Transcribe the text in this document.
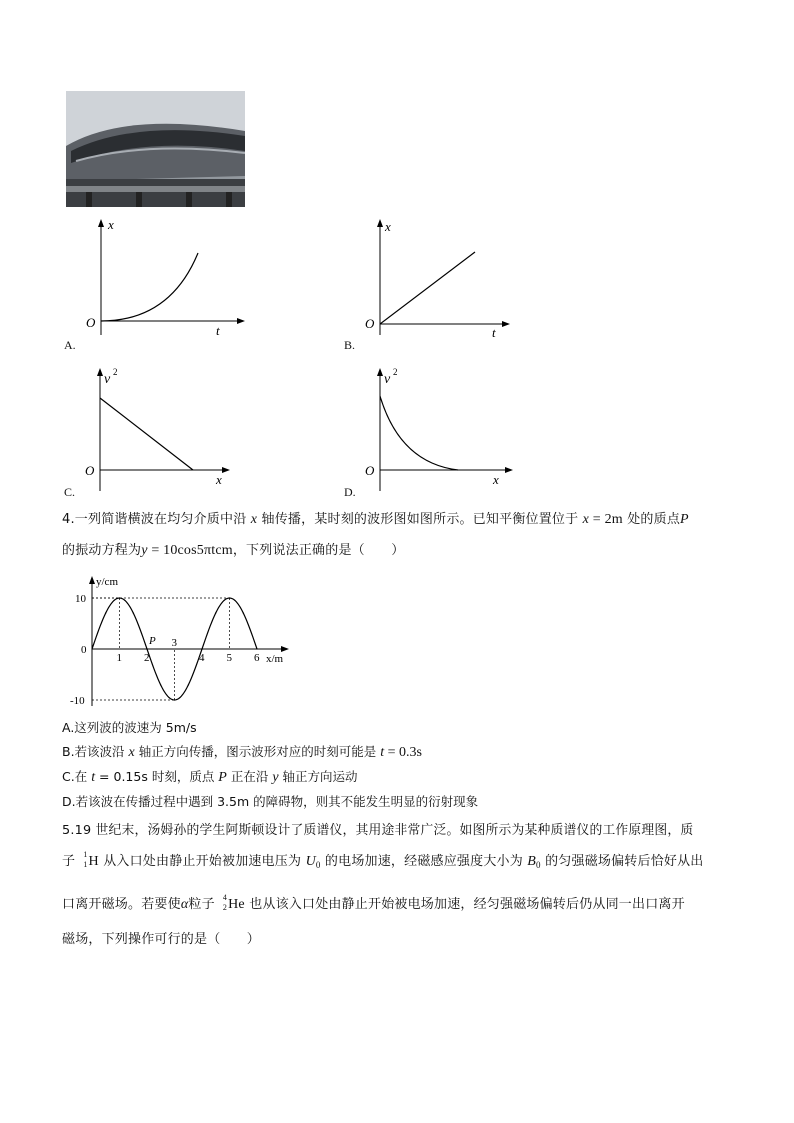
x
t
O
A.
x
t
O
B.
v 2
x
O
C.
v 2
x
O
D.
4.一列简谐横波在均匀介质中沿 x 轴传播，某时刻的波形图如图所示。已知平衡位置位于 x = 2m 处的质点P
的振动方程为y = 10cos5πtcm，下列说法正确的是（　　）
1 2
3
4 5 6
10
0
-10
y/cm
x/m
P
A.这列波的波速为 5m/s
B.若该波沿 x 轴正方向传播，图示波形对应的时刻可能是 t = 0.3s
C.在 t = 0.15s 时刻，质点 P 正在沿 y 轴正方向运动
D.若该波在传播过程中遇到 3.5m 的障碍物，则其不能发生明显的衍射现象
5.19 世纪末，汤姆孙的学生阿斯顿设计了质谱仪，其用途非常广泛。如图所示为某种质谱仪的工作原理图，质
子 1
1 H 从入口处由静止开始被加速电压为 $U_0$ 的电场加速，经磁感应强度大小为 $B_0$ 的匀强磁场偏转后恰好从出
口离开磁场。若要使α粒子 4
2 He 也从该入口处由静止开始被电场加速，经匀强磁场偏转后仍从同一出口离开
磁场，下列操作可行的是（　　）
